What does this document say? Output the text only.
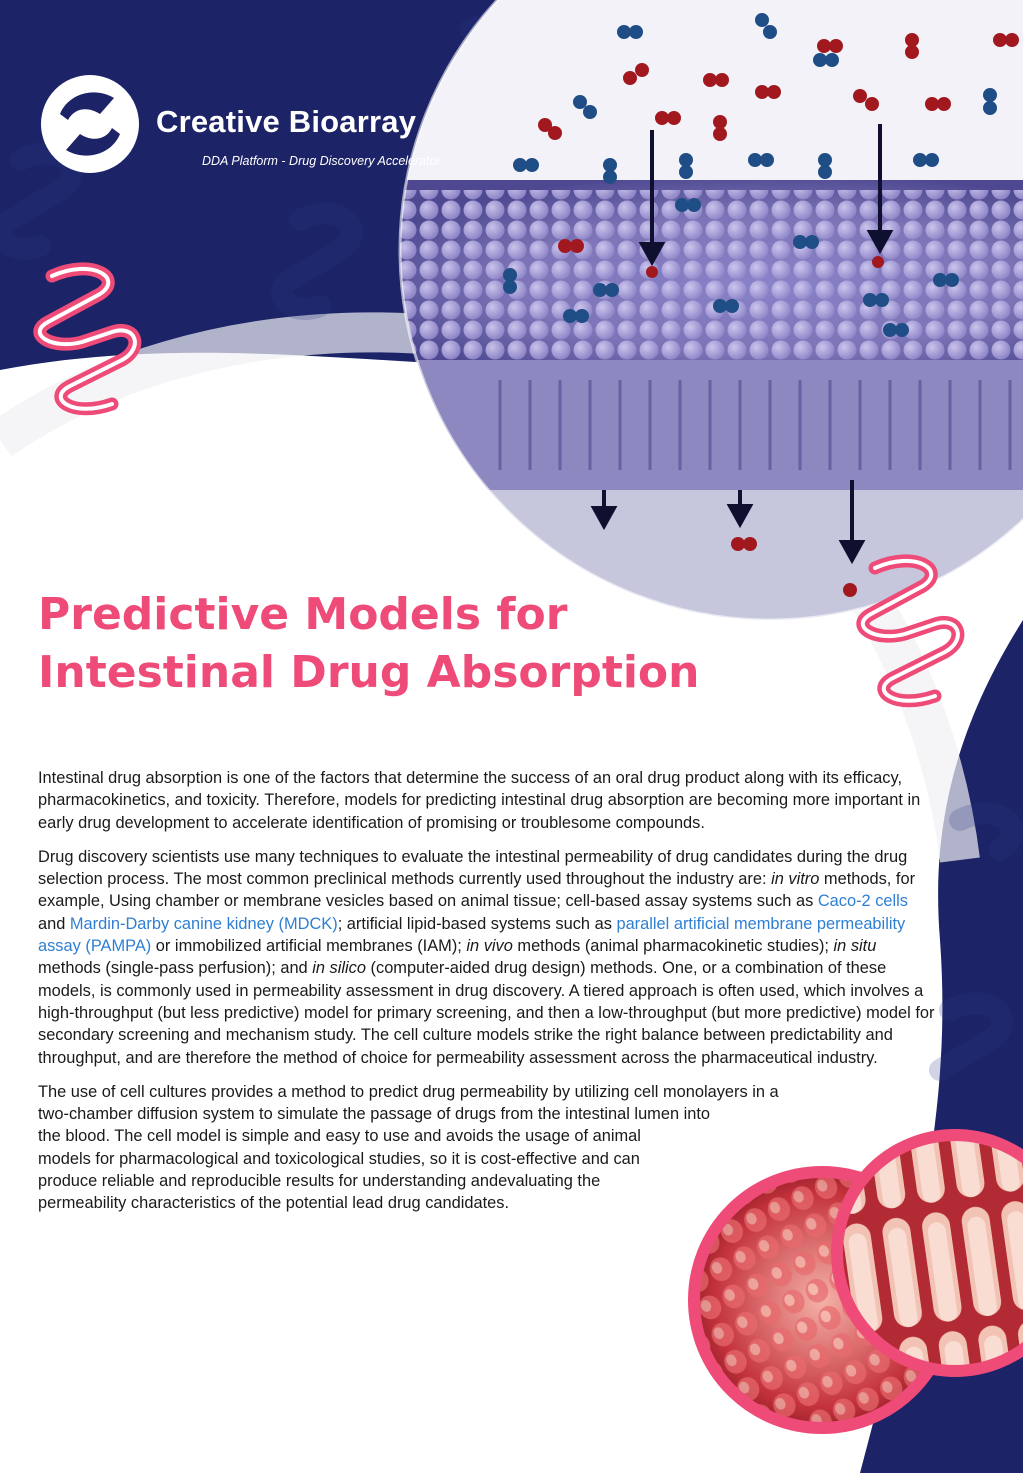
Creative Bioarray
DDA Platform - Drug Discovery Accelerator
Predictive Models for
Intestinal Drug Absorption

Intestinal drug absorption is one of the factors that determine the success of an oral drug product along with its efficacy, pharmacokinetics, and toxicity. Therefore, models for predicting intestinal drug absorption are becoming more important in early drug development to accelerate identification of promising or troublesome compounds.

Drug discovery scientists use many techniques to evaluate the intestinal permeability of drug candidates during the drug selection process. The most common preclinical methods currently used throughout the industry are: in vitro methods, for example, Using chamber or membrane vesicles based on animal tissue; cell-based assay systems such as Caco-2 cells and Mardin-Darby canine kidney (MDCK); artificial lipid-based systems such as parallel artificial membrane permeability assay (PAMPA) or immobilized artificial membranes (IAM); in vivo methods (animal pharmacokinetic studies); in situ methods (single-pass perfusion); and in silico (computer-aided drug design) methods. One, or a combination of these models, is commonly used in permeability assessment in drug discovery. A tiered approach is often used, which involves a high-throughput (but less predictive) model for primary screening, and then a low-throughput (but more predictive) model for secondary screening and mechanism study. The cell culture models strike the right balance between predictability and throughput, and are therefore the method of choice for permeability assessment across the pharmaceutical industry.

The use of cell cultures provides a method to predict drug permeability by utilizing cell monolayers in a
two-chamber diffusion system to simulate the passage of drugs from the intestinal lumen into
the blood. The cell model is simple and easy to use and avoids the usage of animal
models for pharmacological and toxicological studies, so it is cost-effective and can
produce reliable and reproducible results for understanding andevaluating the
permeability characteristics of the potential lead drug candidates.
